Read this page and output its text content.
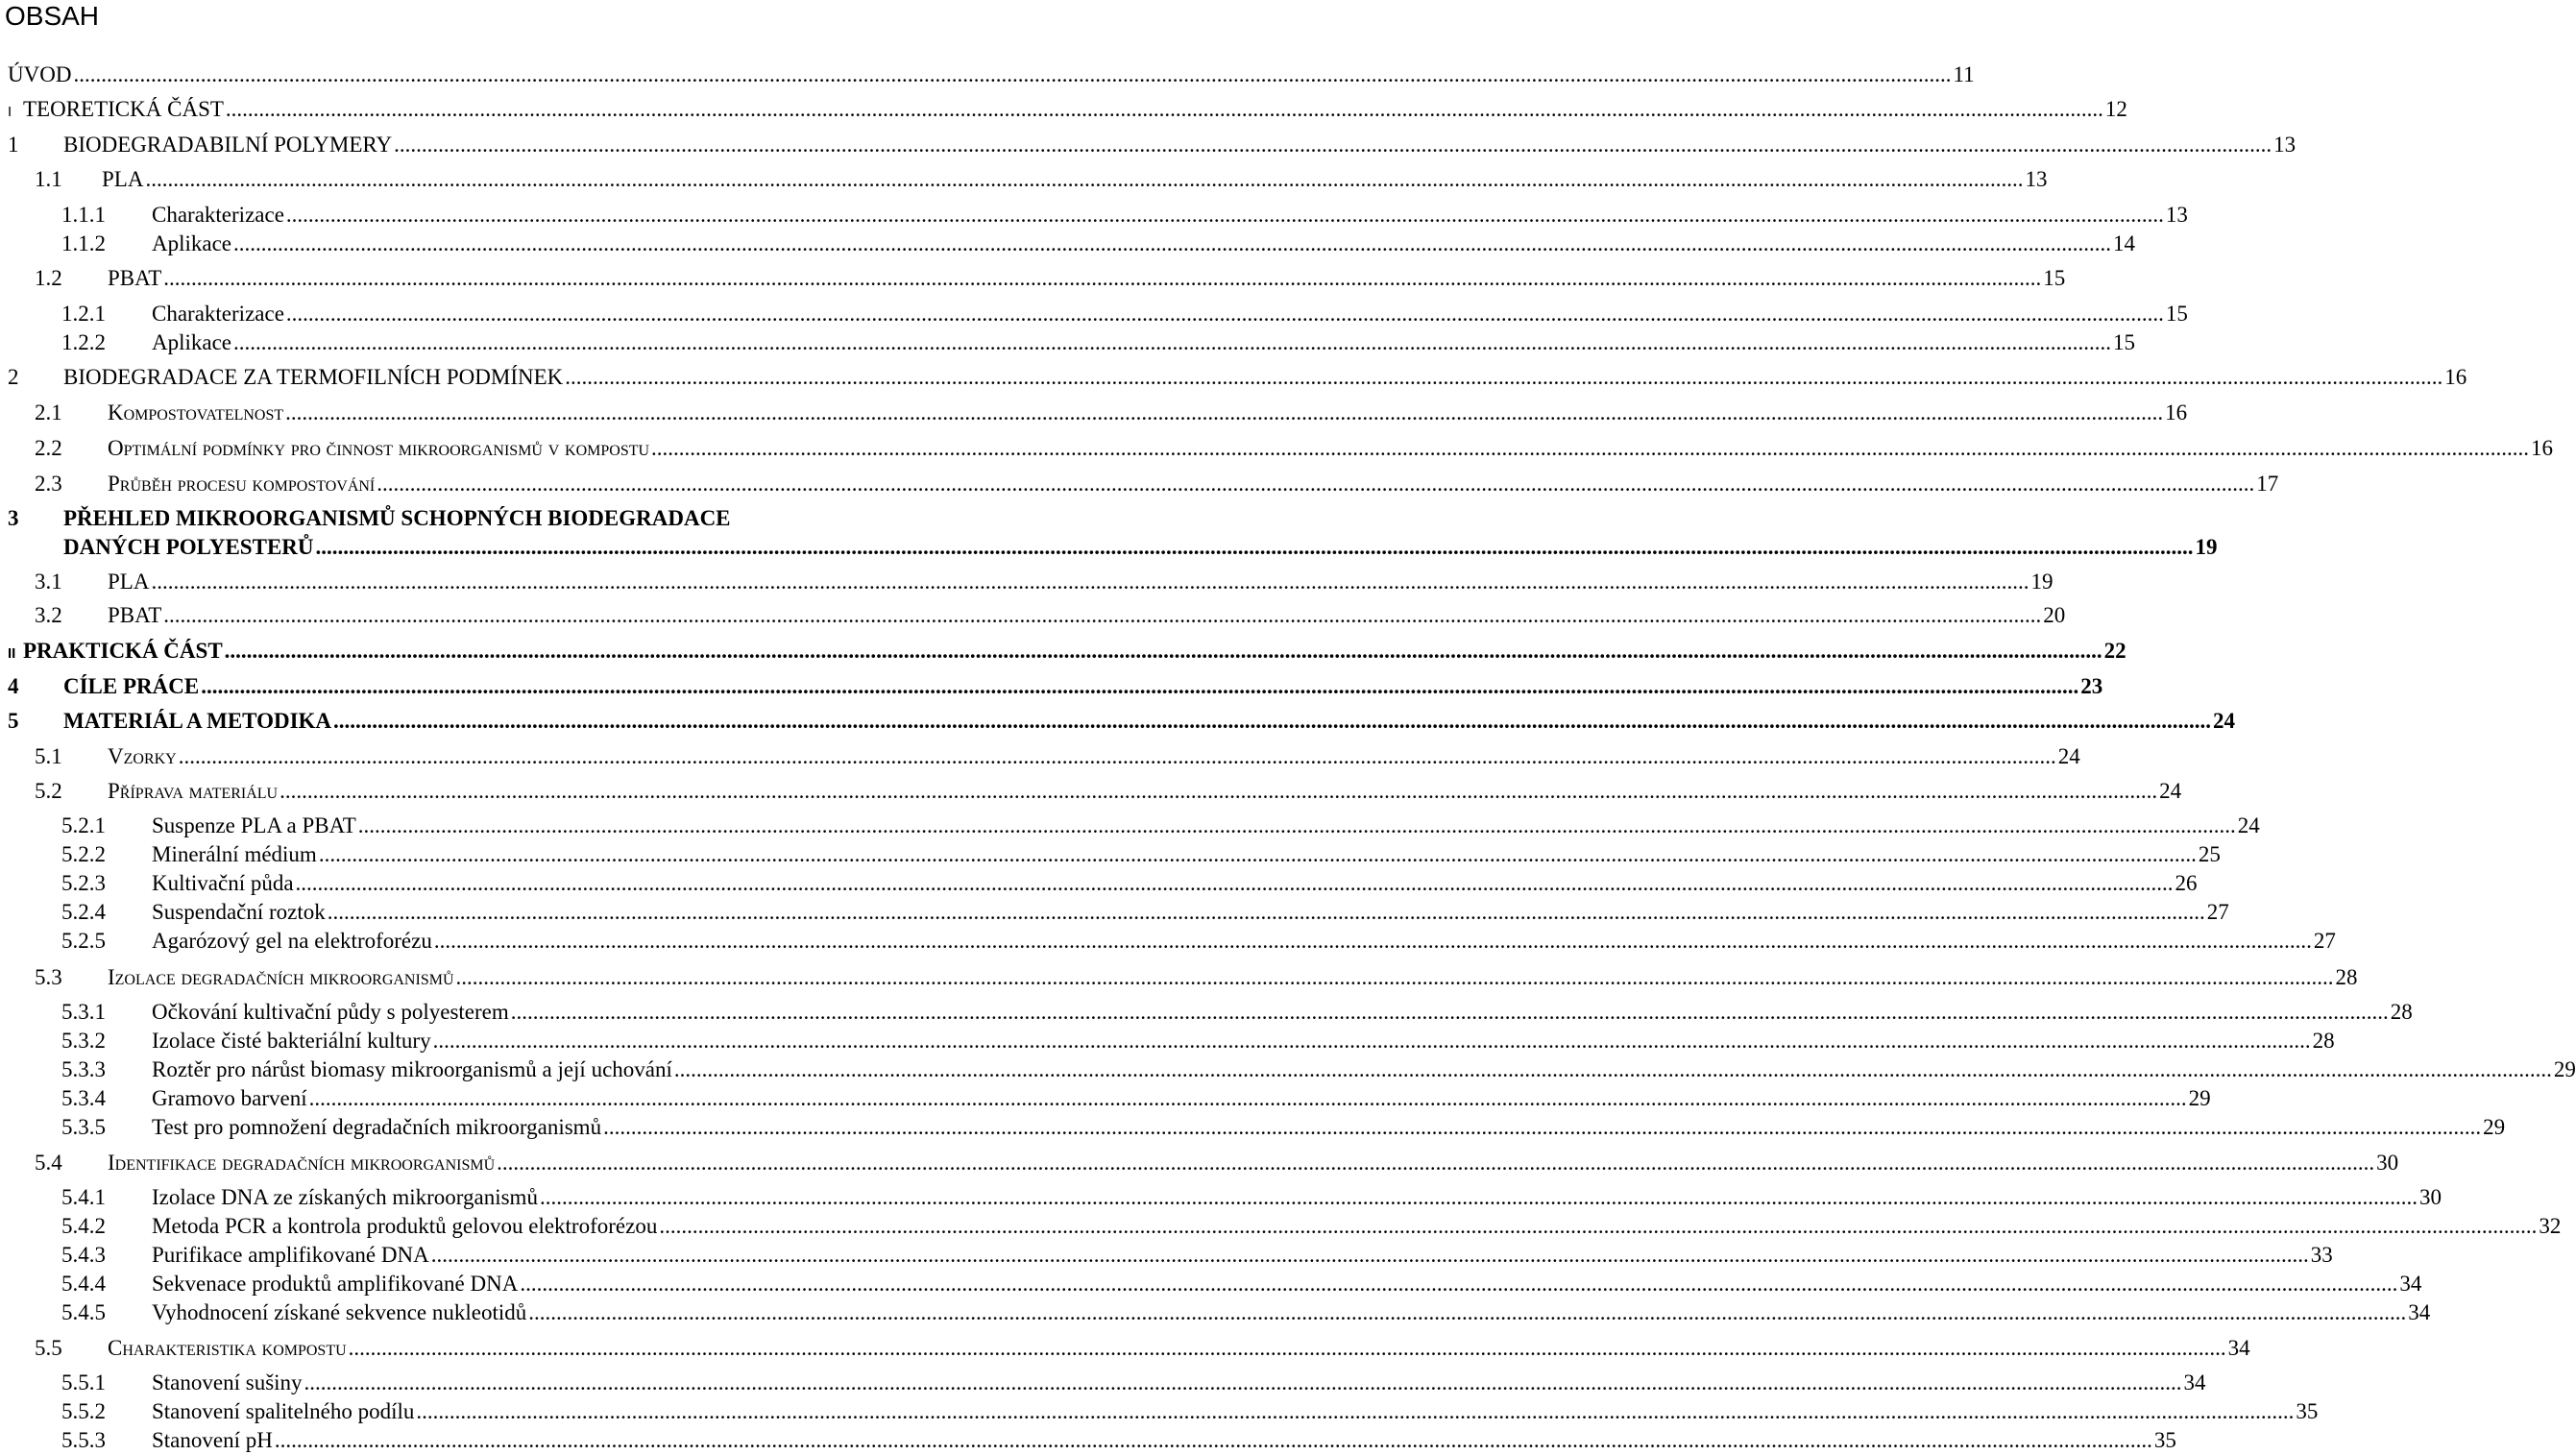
OBSAH
ÚVOD .....	11
I TEORETICKÁ ČÁST .....	12
1	BIODEGRADABILNÍ POLYMERY .....	13
1.1	PLA .....	13
1.1.1	Charakterizace .....	13
1.1.2	Aplikace .....	14
1.2	PBAT .....	15
1.2.1	Charakterizace .....	15
1.2.2	Aplikace .....	15
2	BIODEGRADACE ZA TERMOFILNÍCH PODMÍNEK .....	16
2.1	Kompostovatelnost .....	16
2.2	Optimální podmínky pro činnost mikroorganismů v kompostu .....	16
2.3	Průběh procesu kompostování .....	17
3	PŘEHLED MIKROORGANISMŮ SCHOPNÝCH BIODEGRADACE
DANÝCH POLYESTERŮ .....	19
3.1	PLA .....	19
3.2	PBAT .....	20
II PRAKTICKÁ ČÁST .....	22
4	CÍLE PRÁCE .....	23
5	MATERIÁL A METODIKA .....	24
5.1	Vzorky .....	24
5.2	Příprava materiálu .....	24
5.2.1	Suspenze PLA a PBAT .....	24
5.2.2	Minerální médium .....	25
5.2.3	Kultivační půda .....	26
5.2.4	Suspendační roztok .....	27
5.2.5	Agarózový gel na elektroforézu .....	27
5.3	Izolace degradačních mikroorganismů .....	28
5.3.1	Očkování kultivační půdy s polyesterem .....	28
5.3.2	Izolace čisté bakteriální kultury .....	28
5.3.3	Roztěr pro nárůst biomasy mikroorganismů a její uchování .....	29
5.3.4	Gramovo barvení .....	29
5.3.5	Test pro pomnožení degradačních mikroorganismů .....	29
5.4	Identifikace degradačních mikroorganismů .....	30
5.4.1	Izolace DNA ze získaných mikroorganismů .....	30
5.4.2	Metoda PCR a kontrola produktů gelovou elektroforézou .....	32
5.4.3	Purifikace amplifikované DNA .....	33
5.4.4	Sekvenace produktů amplifikované DNA .....	34
5.4.5	Vyhodnocení získané sekvence nukleotidů .....	34
5.5	Charakteristika kompostu .....	34
5.5.1	Stanovení sušiny .....	34
5.5.2	Stanovení spalitelného podílu .....	35
5.5.3	Stanovení pH .....	35
